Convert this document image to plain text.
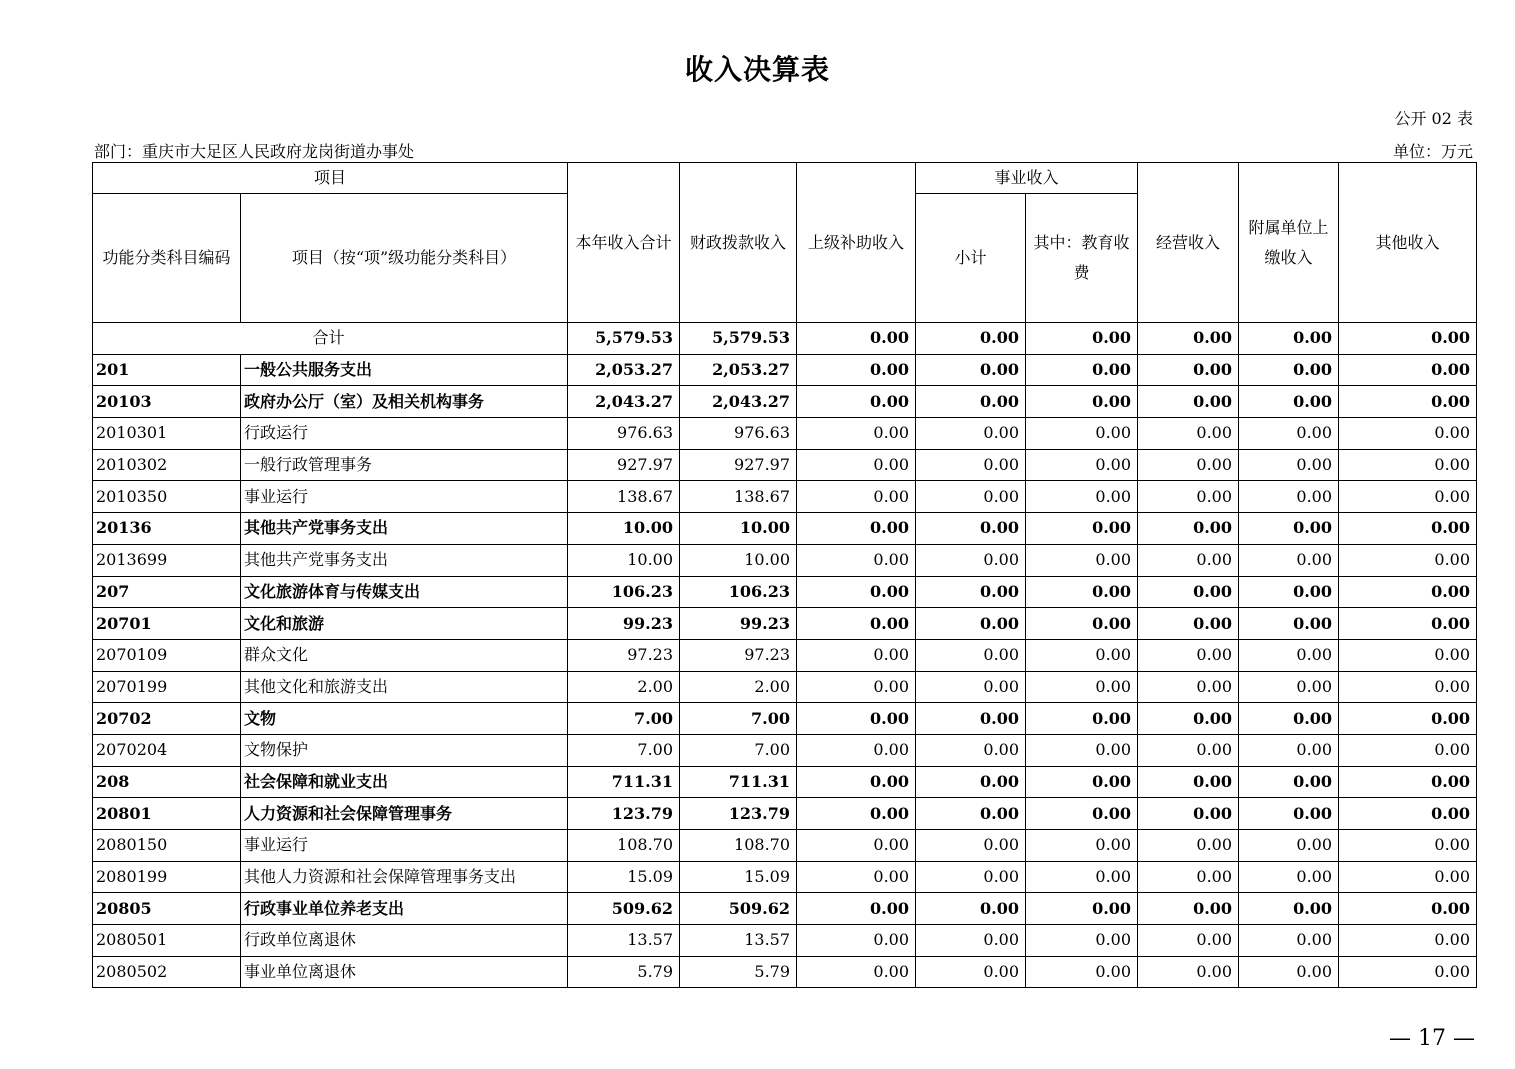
收入决算表
公开 02 表
部门：重庆市大足区人民政府龙岗街道办事处	单位：万元
项目		本年收入合计	财政拨款收入	上级补助收入	事业收入		经营收入	附属单位上缴收入	其他收入
功能分类科目编码	项目（按“项”级功能分类科目）				小计	其中：教育收费			
合计		5,579.53	5,579.53	0.00	0.00	0.00	0.00	0.00	0.00
201	一般公共服务支出	2,053.27	2,053.27	0.00	0.00	0.00	0.00	0.00	0.00
20103	政府办公厅（室）及相关机构事务	2,043.27	2,043.27	0.00	0.00	0.00	0.00	0.00	0.00
2010301	行政运行	976.63	976.63	0.00	0.00	0.00	0.00	0.00	0.00
2010302	一般行政管理事务	927.97	927.97	0.00	0.00	0.00	0.00	0.00	0.00
2010350	事业运行	138.67	138.67	0.00	0.00	0.00	0.00	0.00	0.00
20136	其他共产党事务支出	10.00	10.00	0.00	0.00	0.00	0.00	0.00	0.00
2013699	其他共产党事务支出	10.00	10.00	0.00	0.00	0.00	0.00	0.00	0.00
207	文化旅游体育与传媒支出	106.23	106.23	0.00	0.00	0.00	0.00	0.00	0.00
20701	文化和旅游	99.23	99.23	0.00	0.00	0.00	0.00	0.00	0.00
2070109	群众文化	97.23	97.23	0.00	0.00	0.00	0.00	0.00	0.00
2070199	其他文化和旅游支出	2.00	2.00	0.00	0.00	0.00	0.00	0.00	0.00
20702	文物	7.00	7.00	0.00	0.00	0.00	0.00	0.00	0.00
2070204	文物保护	7.00	7.00	0.00	0.00	0.00	0.00	0.00	0.00
208	社会保障和就业支出	711.31	711.31	0.00	0.00	0.00	0.00	0.00	0.00
20801	人力资源和社会保障管理事务	123.79	123.79	0.00	0.00	0.00	0.00	0.00	0.00
2080150	事业运行	108.70	108.70	0.00	0.00	0.00	0.00	0.00	0.00
2080199	其他人力资源和社会保障管理事务支出	15.09	15.09	0.00	0.00	0.00	0.00	0.00	0.00
20805	行政事业单位养老支出	509.62	509.62	0.00	0.00	0.00	0.00	0.00	0.00
2080501	行政单位离退休	13.57	13.57	0.00	0.00	0.00	0.00	0.00	0.00
2080502	事业单位离退休	5.79	5.79	0.00	0.00	0.00	0.00	0.00	0.00
— 17 —
